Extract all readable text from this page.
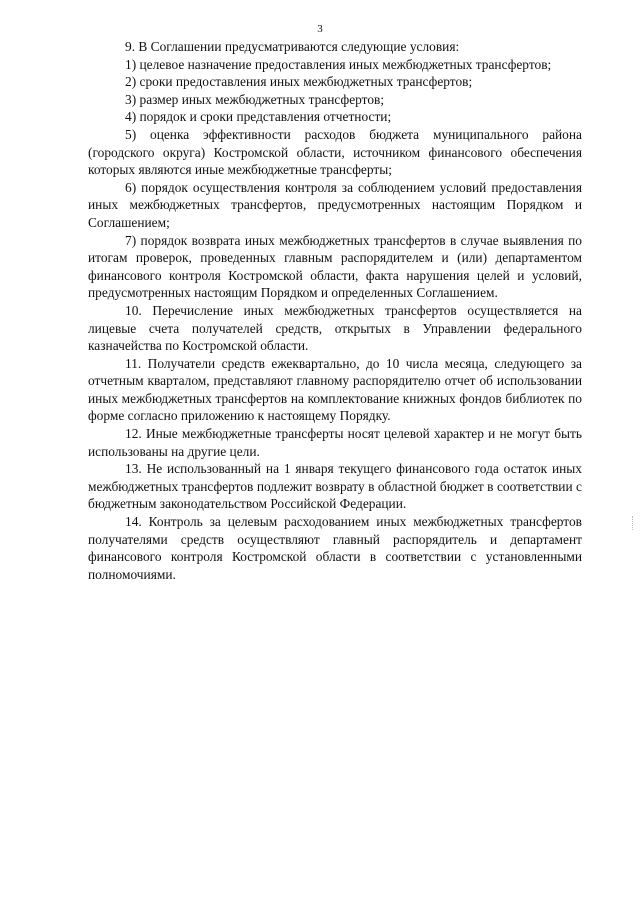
3

9. В Соглашении предусматриваются следующие условия:

1) целевое назначение предоставления иных межбюджетных трансфертов;

2) сроки предоставления иных межбюджетных трансфертов;

3) размер иных межбюджетных трансфертов;

4) порядок и сроки представления отчетности;

5) оценка эффективности расходов бюджета муниципального района (городского округа) Костромской области, источником финансового обеспечения которых являются иные межбюджетные трансферты;

6) порядок осуществления контроля за соблюдением условий предоставления иных межбюджетных трансфертов, предусмотренных настоящим Порядком и Соглашением;

7) порядок возврата иных межбюджетных трансфертов в случае выявления по итогам проверок, проведенных главным распорядителем и (или) департаментом финансового контроля Костромской области, факта нарушения целей и условий, предусмотренных настоящим Порядком и определенных Соглашением.

10. Перечисление иных межбюджетных трансфертов осуществляется на лицевые счета получателей средств, открытых в Управлении федерального казначейства по Костромской области.

11. Получатели средств ежеквартально, до 10 числа месяца, следующего за отчетным кварталом, представляют главному распорядителю отчет об использовании иных межбюджетных трансфертов на комплектование книжных фондов библиотек по форме согласно приложению к настоящему Порядку.

12. Иные межбюджетные трансферты носят целевой характер и не могут быть использованы на другие цели.

13. Не использованный на 1 января текущего финансового года остаток иных межбюджетных трансфертов подлежит возврату в областной бюджет в соответствии с бюджетным законодательством Российской Федерации.

14. Контроль за целевым расходованием иных межбюджетных трансфертов получателями средств осуществляют главный распорядитель и департамент финансового контроля Костромской области в соответствии с установленными полномочиями.
